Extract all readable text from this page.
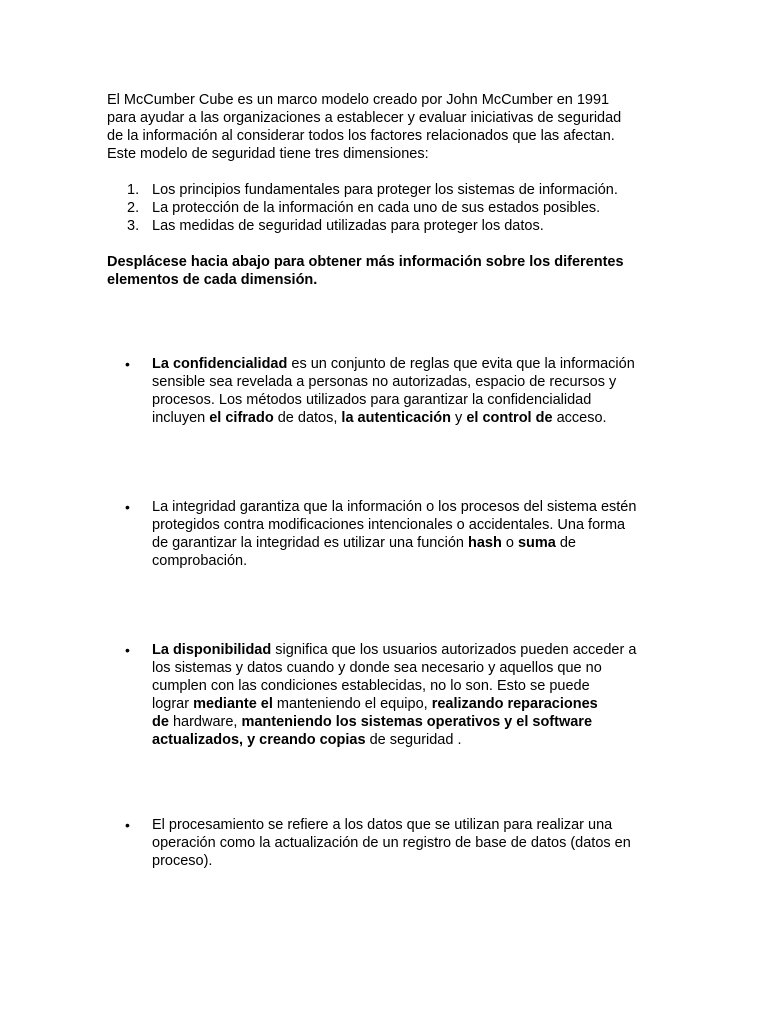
El McCumber Cube es un marco modelo creado por John McCumber en 1991

para ayudar a las organizaciones a establecer y evaluar iniciativas de seguridad

de la información al considerar todos los factores relacionados que las afectan.

Este modelo de seguridad tiene tres dimensiones:

1. Los principios fundamentales para proteger los sistemas de información.
2. La protección de la información en cada uno de sus estados posibles.
3. Las medidas de seguridad utilizadas para proteger los datos.
Desplácese hacia abajo para obtener más información sobre los diferentes
elementos de cada dimensión.
•	La confidencialidad es un conjunto de reglas que evita que la información
sensible sea revelada a personas no autorizadas, espacio de recursos y
procesos. Los métodos utilizados para garantizar la confidencialidad
incluyen el cifrado de datos, la autenticación y el control de acceso.
•	La integridad garantiza que la información o los procesos del sistema estén
protegidos contra modificaciones intencionales o accidentales. Una forma
de garantizar la integridad es utilizar una función hash o suma de
comprobación.
•	La disponibilidad significa que los usuarios autorizados pueden acceder a
los sistemas y datos cuando y donde sea necesario y aquellos que no
cumplen con las condiciones establecidas, no lo son. Esto se puede
lograr mediante el manteniendo el equipo, realizando reparaciones
de hardware, manteniendo los sistemas operativos y el software
actualizados, y creando copias de seguridad .
•	El procesamiento se refiere a los datos que se utilizan para realizar una
operación como la actualización de un registro de base de datos (datos en
proceso).
